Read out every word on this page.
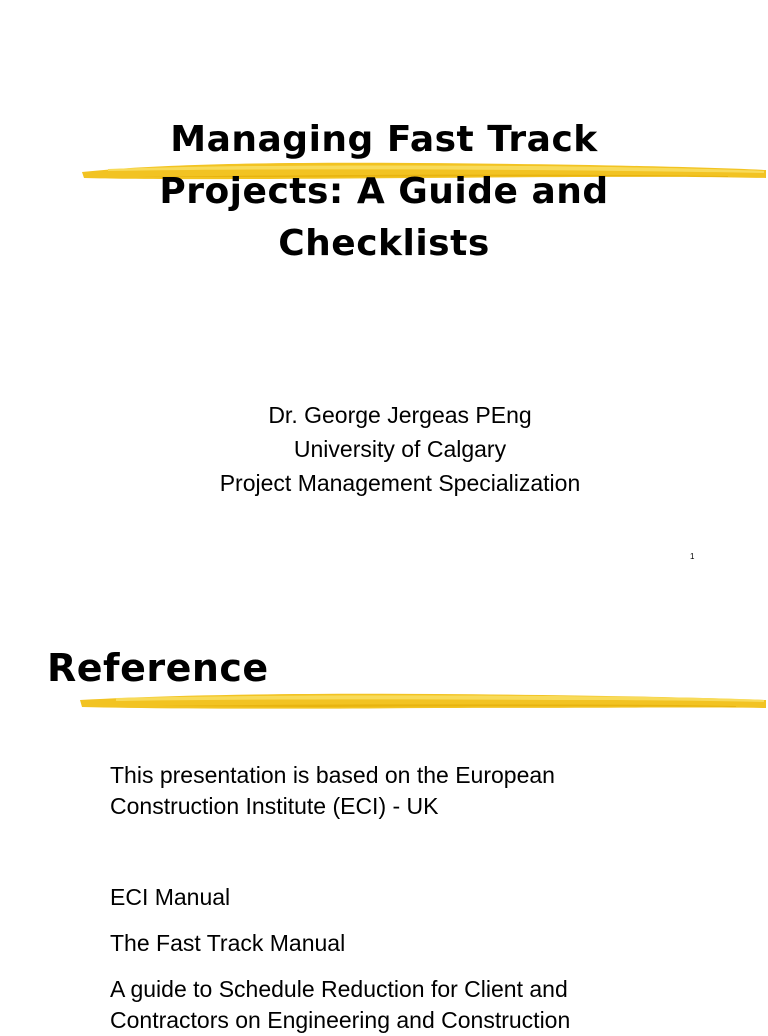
Managing Fast Track
Projects: A Guide and
Checklists
Dr. George Jergeas PEng
University of Calgary
Project Management Specialization
1
Reference
This presentation is based on the European
Construction Institute (ECI) - UK
ECI Manual
The Fast Track Manual
A guide to Schedule Reduction for Client and
Contractors on Engineering and Construction
